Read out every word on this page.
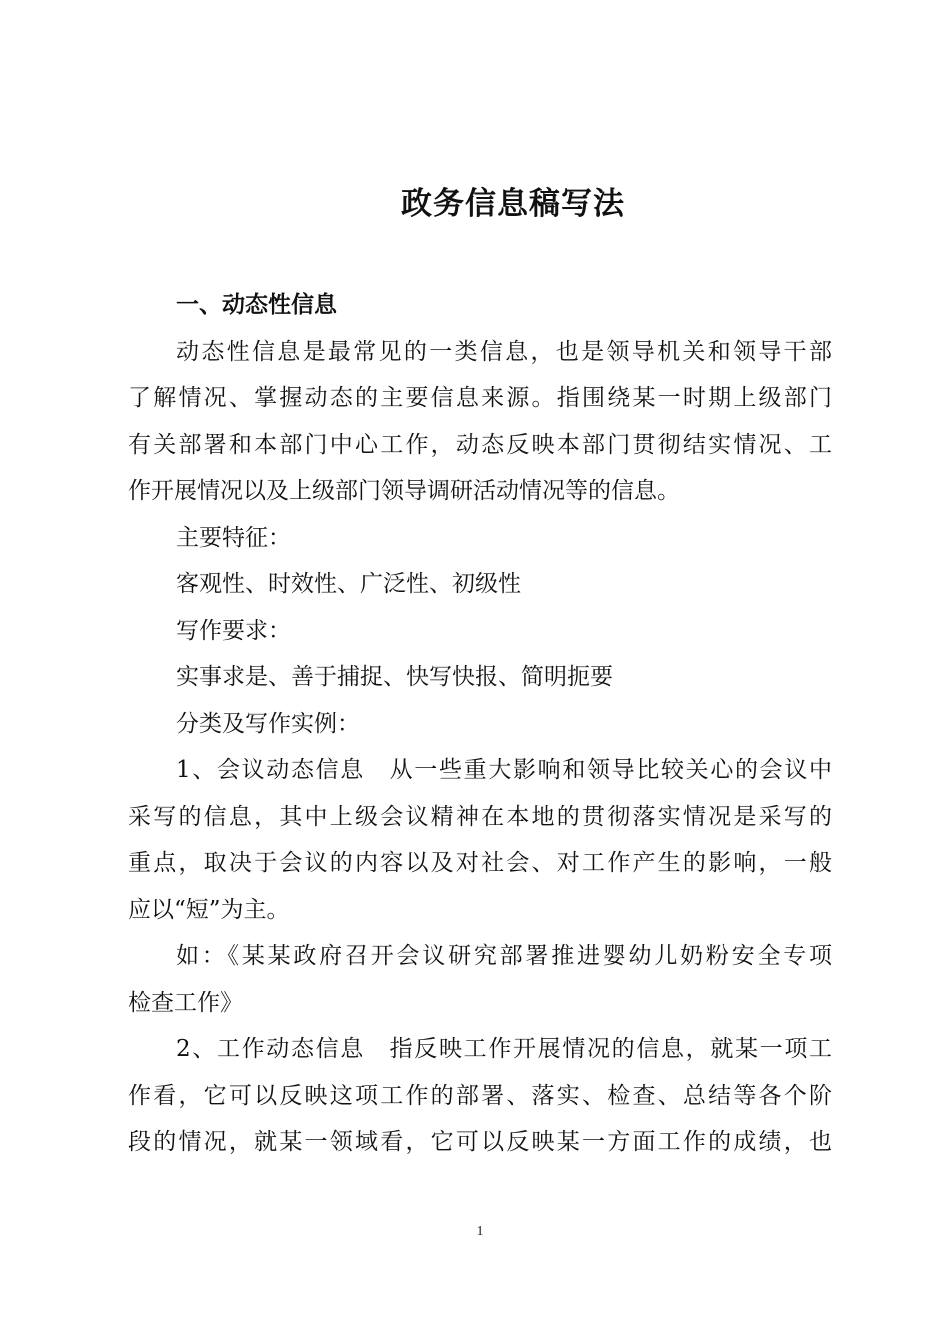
政务信息稿写法
一、动态性信息
动态性信息是最常见的一类信息，也是领导机关和领导干部
了解情况、掌握动态的主要信息来源。指围绕某一时期上级部门
有关部署和本部门中心工作，动态反映本部门贯彻结实情况、工
作开展情况以及上级部门领导调研活动情况等的信息。
主要特征：
客观性、时效性、广泛性、初级性
写作要求：
实事求是、善于捕捉、快写快报、简明扼要
分类及写作实例：
1、会议动态信息　从一些重大影响和领导比较关心的会议中
采写的信息，其中上级会议精神在本地的贯彻落实情况是采写的
重点，取决于会议的内容以及对社会、对工作产生的影响，一般
应以“短”为主。
如：《某某政府召开会议研究部署推进婴幼儿奶粉安全专项
检查工作》
2、工作动态信息　指反映工作开展情况的信息，就某一项工
作看，它可以反映这项工作的部署、落实、检查、总结等各个阶
段的情况，就某一领域看，它可以反映某一方面工作的成绩，也
1
